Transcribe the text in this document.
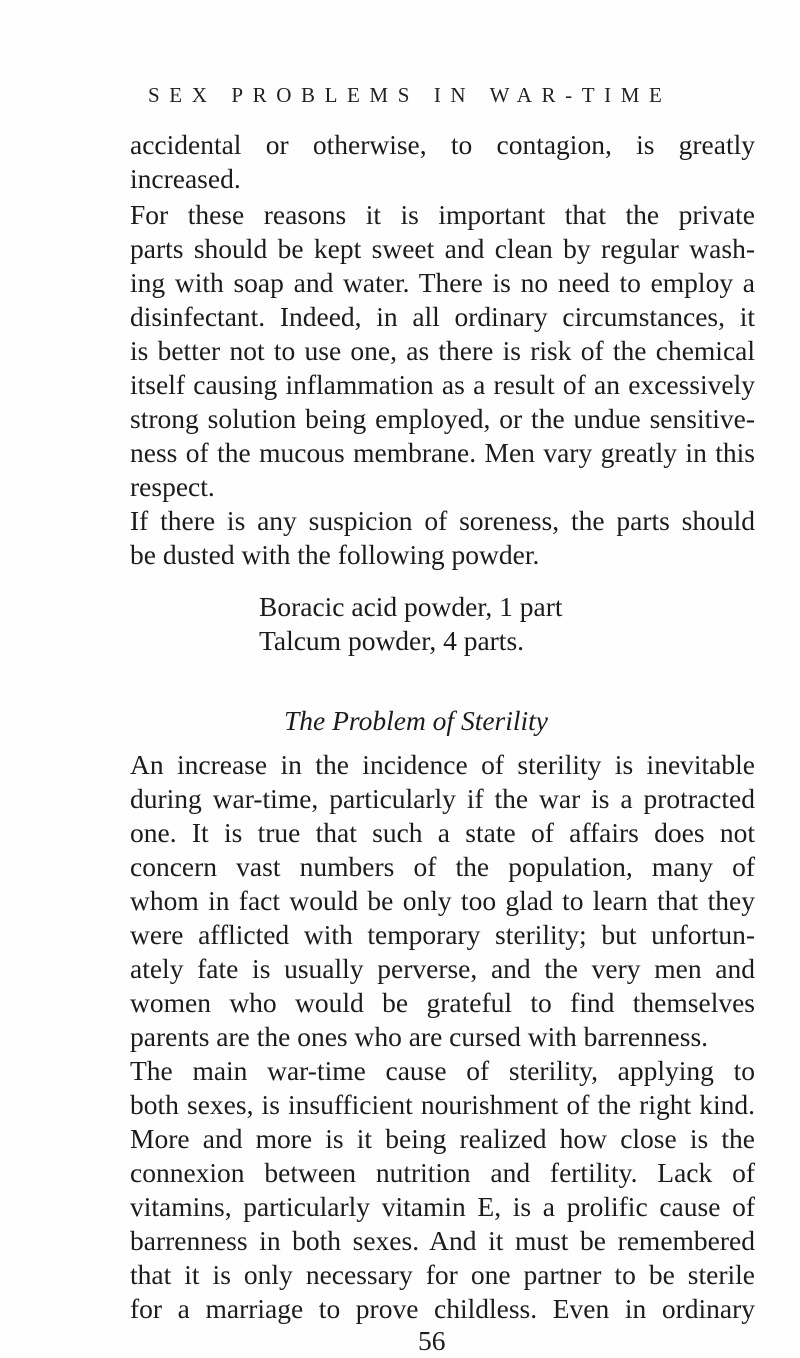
SEX PROBLEMS IN WAR-TIME
accidental or otherwise, to contagion, is greatly
increased.
For these reasons it is important that the private
parts should be kept sweet and clean by regular wash-
ing with soap and water. There is no need to employ a
disinfectant. Indeed, in all ordinary circumstances, it
is better not to use one, as there is risk of the chemical
itself causing inflammation as a result of an excessively
strong solution being employed, or the undue sensitive-
ness of the mucous membrane. Men vary greatly in this
respect.
If there is any suspicion of soreness, the parts should
be dusted with the following powder.
Boracic acid powder, 1 part
Talcum powder, 4 parts.
The Problem of Sterility
An increase in the incidence of sterility is inevitable
during war-time, particularly if the war is a protracted
one. It is true that such a state of affairs does not
concern vast numbers of the population, many of
whom in fact would be only too glad to learn that they
were afflicted with temporary sterility; but unfortun-
ately fate is usually perverse, and the very men and
women who would be grateful to find themselves
parents are the ones who are cursed with barrenness.
The main war-time cause of sterility, applying to
both sexes, is insufficient nourishment of the right kind.
More and more is it being realized how close is the
connexion between nutrition and fertility. Lack of
vitamins, particularly vitamin E, is a prolific cause of
barrenness in both sexes. And it must be remembered
that it is only necessary for one partner to be sterile
for a marriage to prove childless. Even in ordinary
56
